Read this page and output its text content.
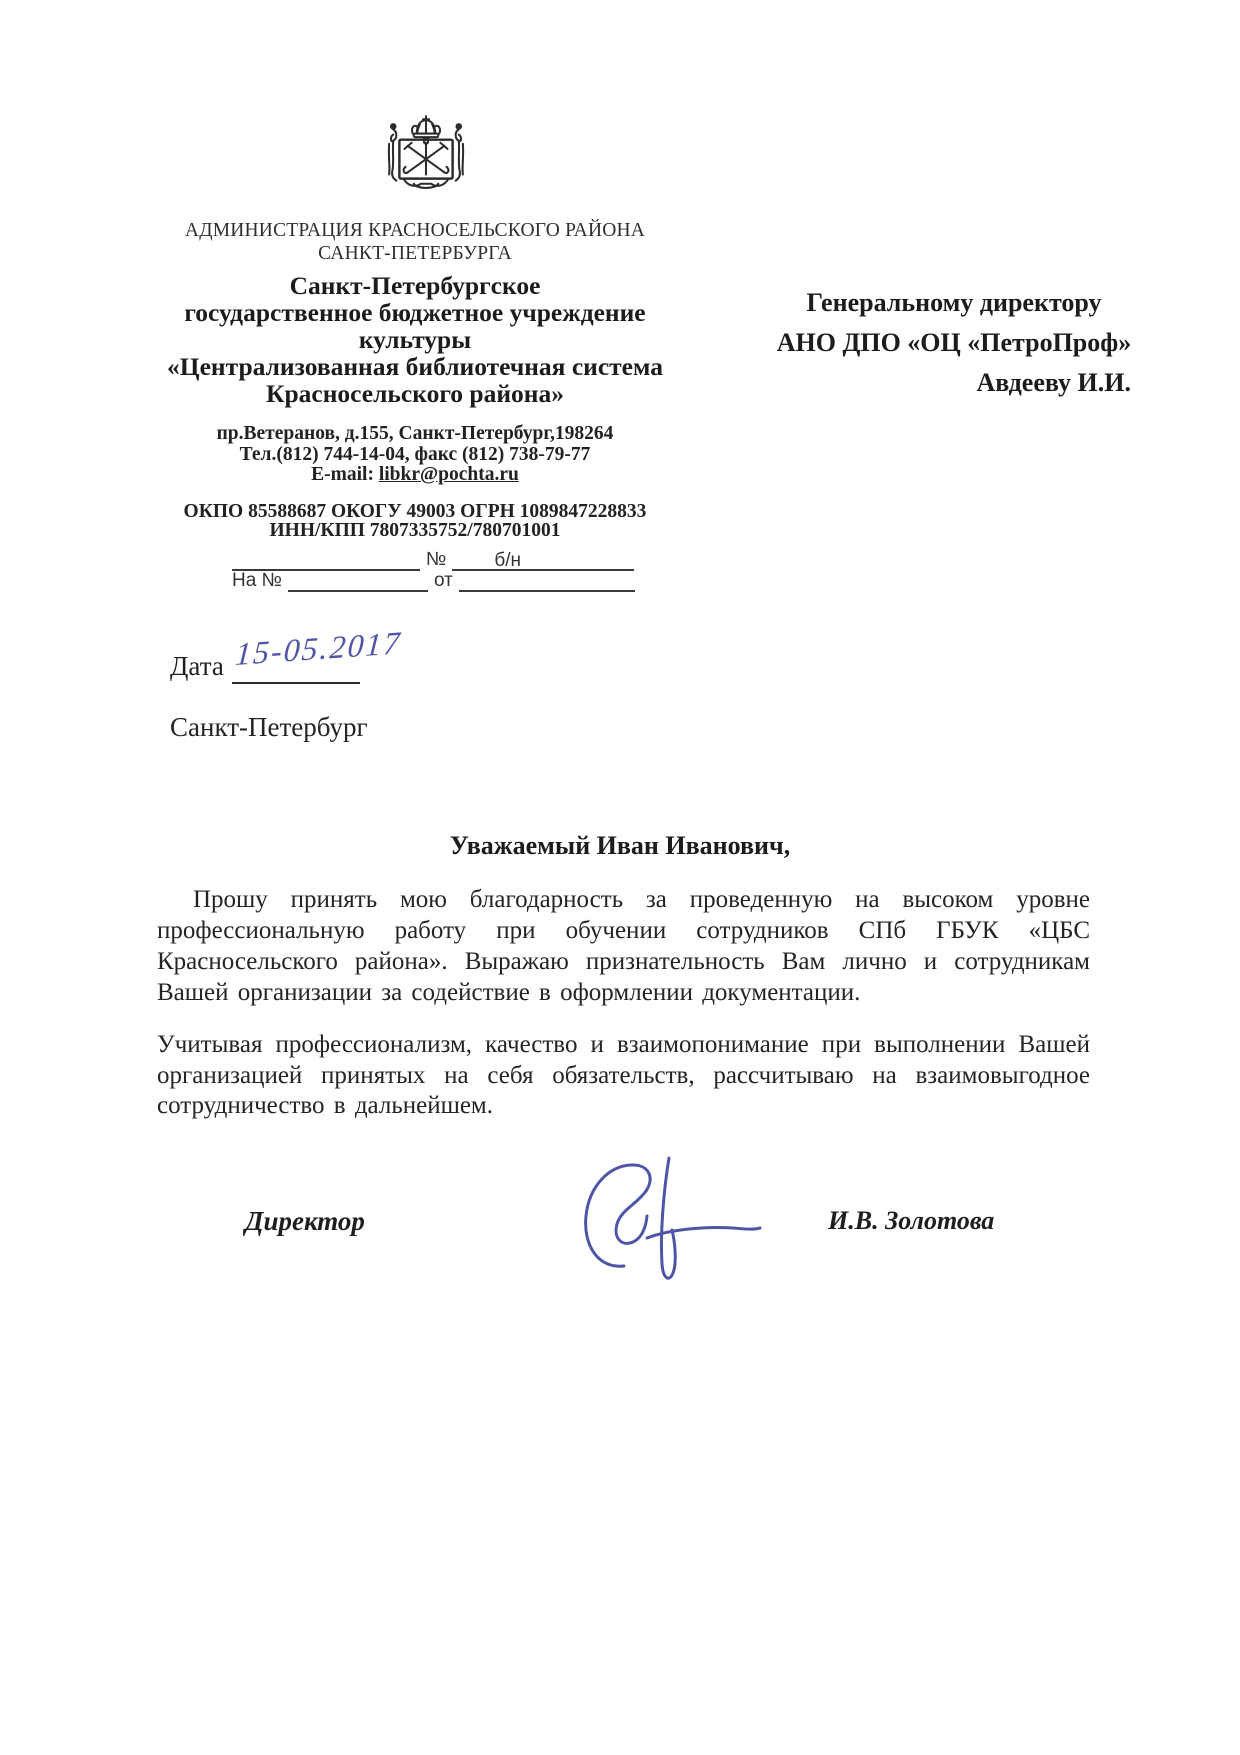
АДМИНИСТРАЦИЯ КРАСНОСЕЛЬСКОГО РАЙОНА
САНКТ-ПЕТЕРБУРГА
Санкт-Петербургское
государственное бюджетное учреждение
культуры
«Централизованная библиотечная система
Красносельского района»
пр.Ветеранов, д.155, Санкт-Петербург,198264
Тел.(812) 744-14-04, факс (812) 738-79-77
E-mail: libkr@pochta.ru
ОКПО 85588687 ОКОГУ 49003 ОГРН 1089847228833
ИНН/КПП 7807335752/780701001
№	б/н
На №	от
Генеральному директору
АНО ДПО «ОЦ «ПетроПроф»
Авдееву И.И.
Дата 15-05.2017
Санкт-Петербург
Уважаемый Иван Иванович,

Прошу принять мою благодарность за проведенную на высоком уровне профессиональную работу при обучении сотрудников СПб ГБУК «ЦБС Красносельского района». Выражаю признательность Вам лично и сотрудникам Вашей организации за содействие в оформлении документации.

Учитывая профессионализм, качество и взаимопонимание при выполнении Вашей организацией принятых на себя обязательств, рассчитываю на взаимовыгодное сотрудничество в дальнейшем.

Директор	И.В. Золотова
